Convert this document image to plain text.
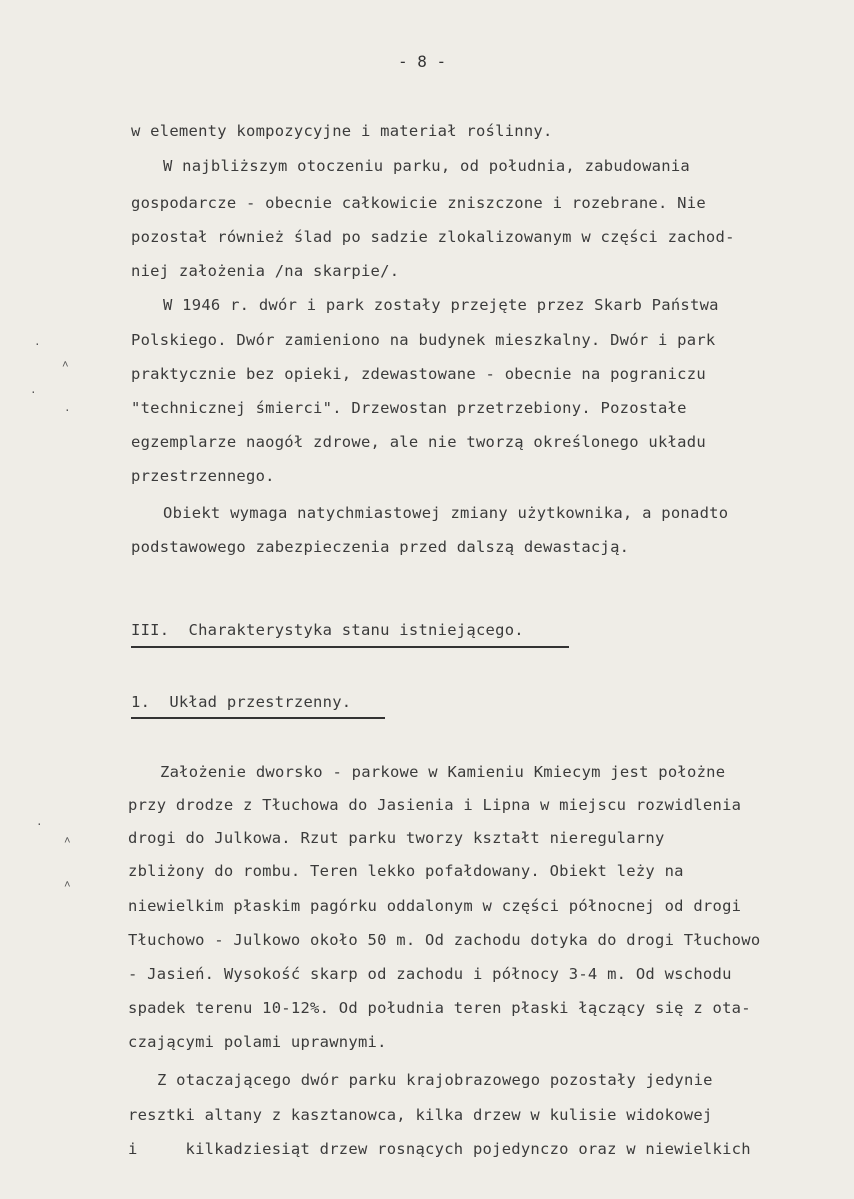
- 8 -
w elementy kompozycyjne i materiał roślinny.
W najbliższym otoczeniu parku, od południa, zabudowania
gospodarcze - obecnie całkowicie zniszczone i rozebrane. Nie
pozostał również ślad po sadzie zlokalizowanym w części zachod-
niej założenia /na skarpie/.
W 1946 r. dwór i park zostały przejęte przez Skarb Państwa
Polskiego. Dwór zamieniono na budynek mieszkalny. Dwór i park
praktycznie bez opieki, zdewastowane - obecnie na pograniczu
"technicznej śmierci". Drzewostan przetrzebiony. Pozostałe
egzemplarze naogół zdrowe, ale nie tworzą określonego układu
przestrzennego.
Obiekt wymaga natychmiastowej zmiany użytkownika, a ponadto
podstawowego zabezpieczenia przed dalszą dewastacją.
III.  Charakterystyka stanu istniejącego.
1.  Układ przestrzenny.
Założenie dworsko - parkowe w Kamieniu Kmiecym jest położne
przy drodze z Tłuchowa do Jasienia i Lipna w miejscu rozwidlenia
drogi do Julkowa. Rzut parku tworzy kształt nieregularny
zbliżony do rombu. Teren lekko pofałdowany. Obiekt leży na
niewielkim płaskim pagórku oddalonym w części północnej od drogi
Tłuchowo - Julkowo około 50 m. Od zachodu dotyka do drogi Tłuchowo
- Jasień. Wysokość skarp od zachodu i północy 3-4 m. Od wschodu
spadek terenu 10-12%. Od południa teren płaski łączący się z ota-
czającymi polami uprawnymi.
Z otaczającego dwór parku krajobrazowego pozostały jedynie
resztki altany z kasztanowca, kilka drzew w kulisie widokowej
i     kilkadziesiąt drzew rosnących pojedynczo oraz w niewielkich
·
˄
·
·
·
˄
˄
